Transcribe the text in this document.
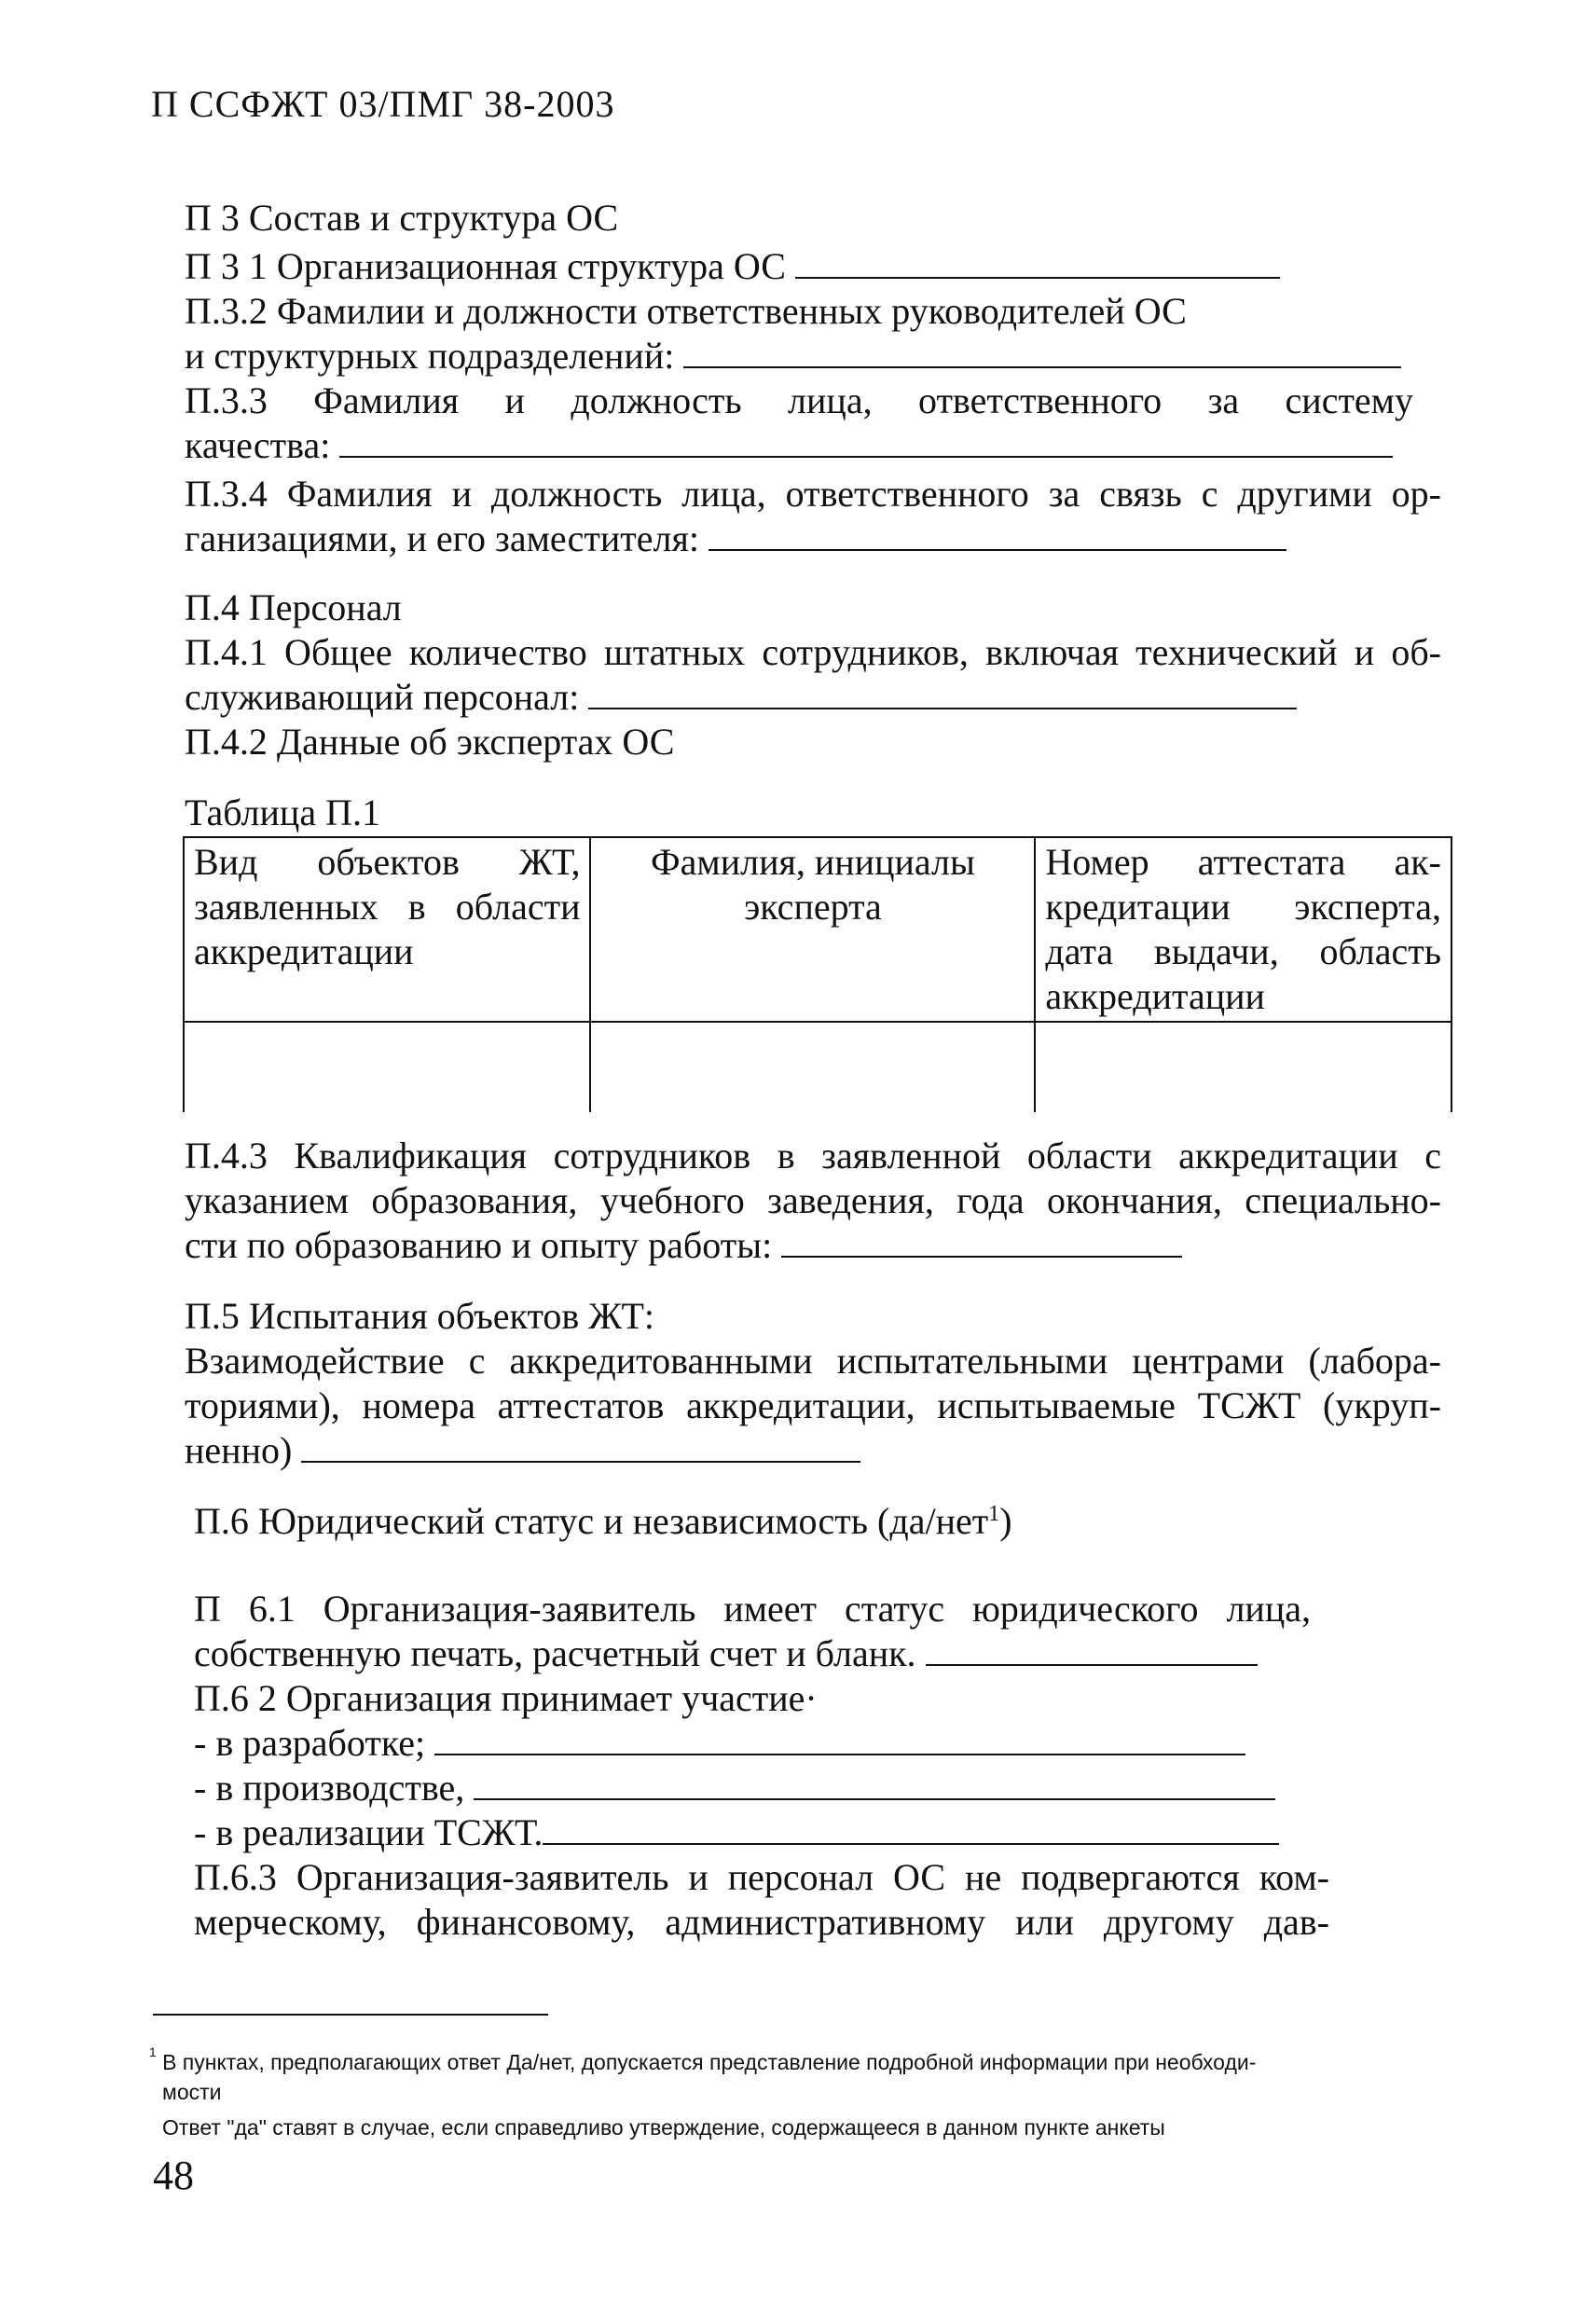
П ССФЖТ 03/ПМГ 38-2003
П 3 Состав и структура ОС
П 3 1 Организационная структура ОС
П.3.2 Фамилии и должности ответственных руководителей ОС
и структурных подразделений:
П.3.3 Фамилия и должность лица, ответственного за систему
качества:
П.3.4 Фамилия и должность лица, ответственного за связь с другими ор-
ганизациями, и его заместителя:
П.4 Персонал
П.4.1 Общее количество штатных сотрудников, включая технический и об-
служивающий персонал:
П.4.2 Данные об экспертах ОС
Таблица П.1
Вид объектов ЖТ, заявленных в области аккредитации	Фамилия, инициалы эксперта	Номер аттестата ак-кредитации эксперта, дата выдачи, область аккредитации

П.4.3 Квалификация сотрудников в заявленной области аккредитации с
указанием образования, учебного заведения, года окончания, специально-
сти по образованию и опыту работы:
П.5 Испытания объектов ЖТ:
Взаимодействие с аккредитованными испытательными центрами (лабора-
ториями), номера аттестатов аккредитации, испытываемые ТСЖТ (укруп-
ненно)
П.6 Юридический статус и независимость (да/нет$^1$)
П 6.1 Организация-заявитель имеет статус юридического лица,
собственную печать, расчетный счет и бланк.
П.6 2 Организация принимает участие·
- в разработке;
- в производстве,
- в реализации ТСЖТ.
П.6.3 Организация-заявитель и персонал ОС не подвергаются ком-
мерческому, финансовому, административному или другому дав-
$^1$ В пунктах, предполагающих ответ Да/нет, допускается представление подробной информации при необходи-
мости
Ответ "да" ставят в случае, если справедливо утверждение, содержащееся в данном пункте анкеты
48
